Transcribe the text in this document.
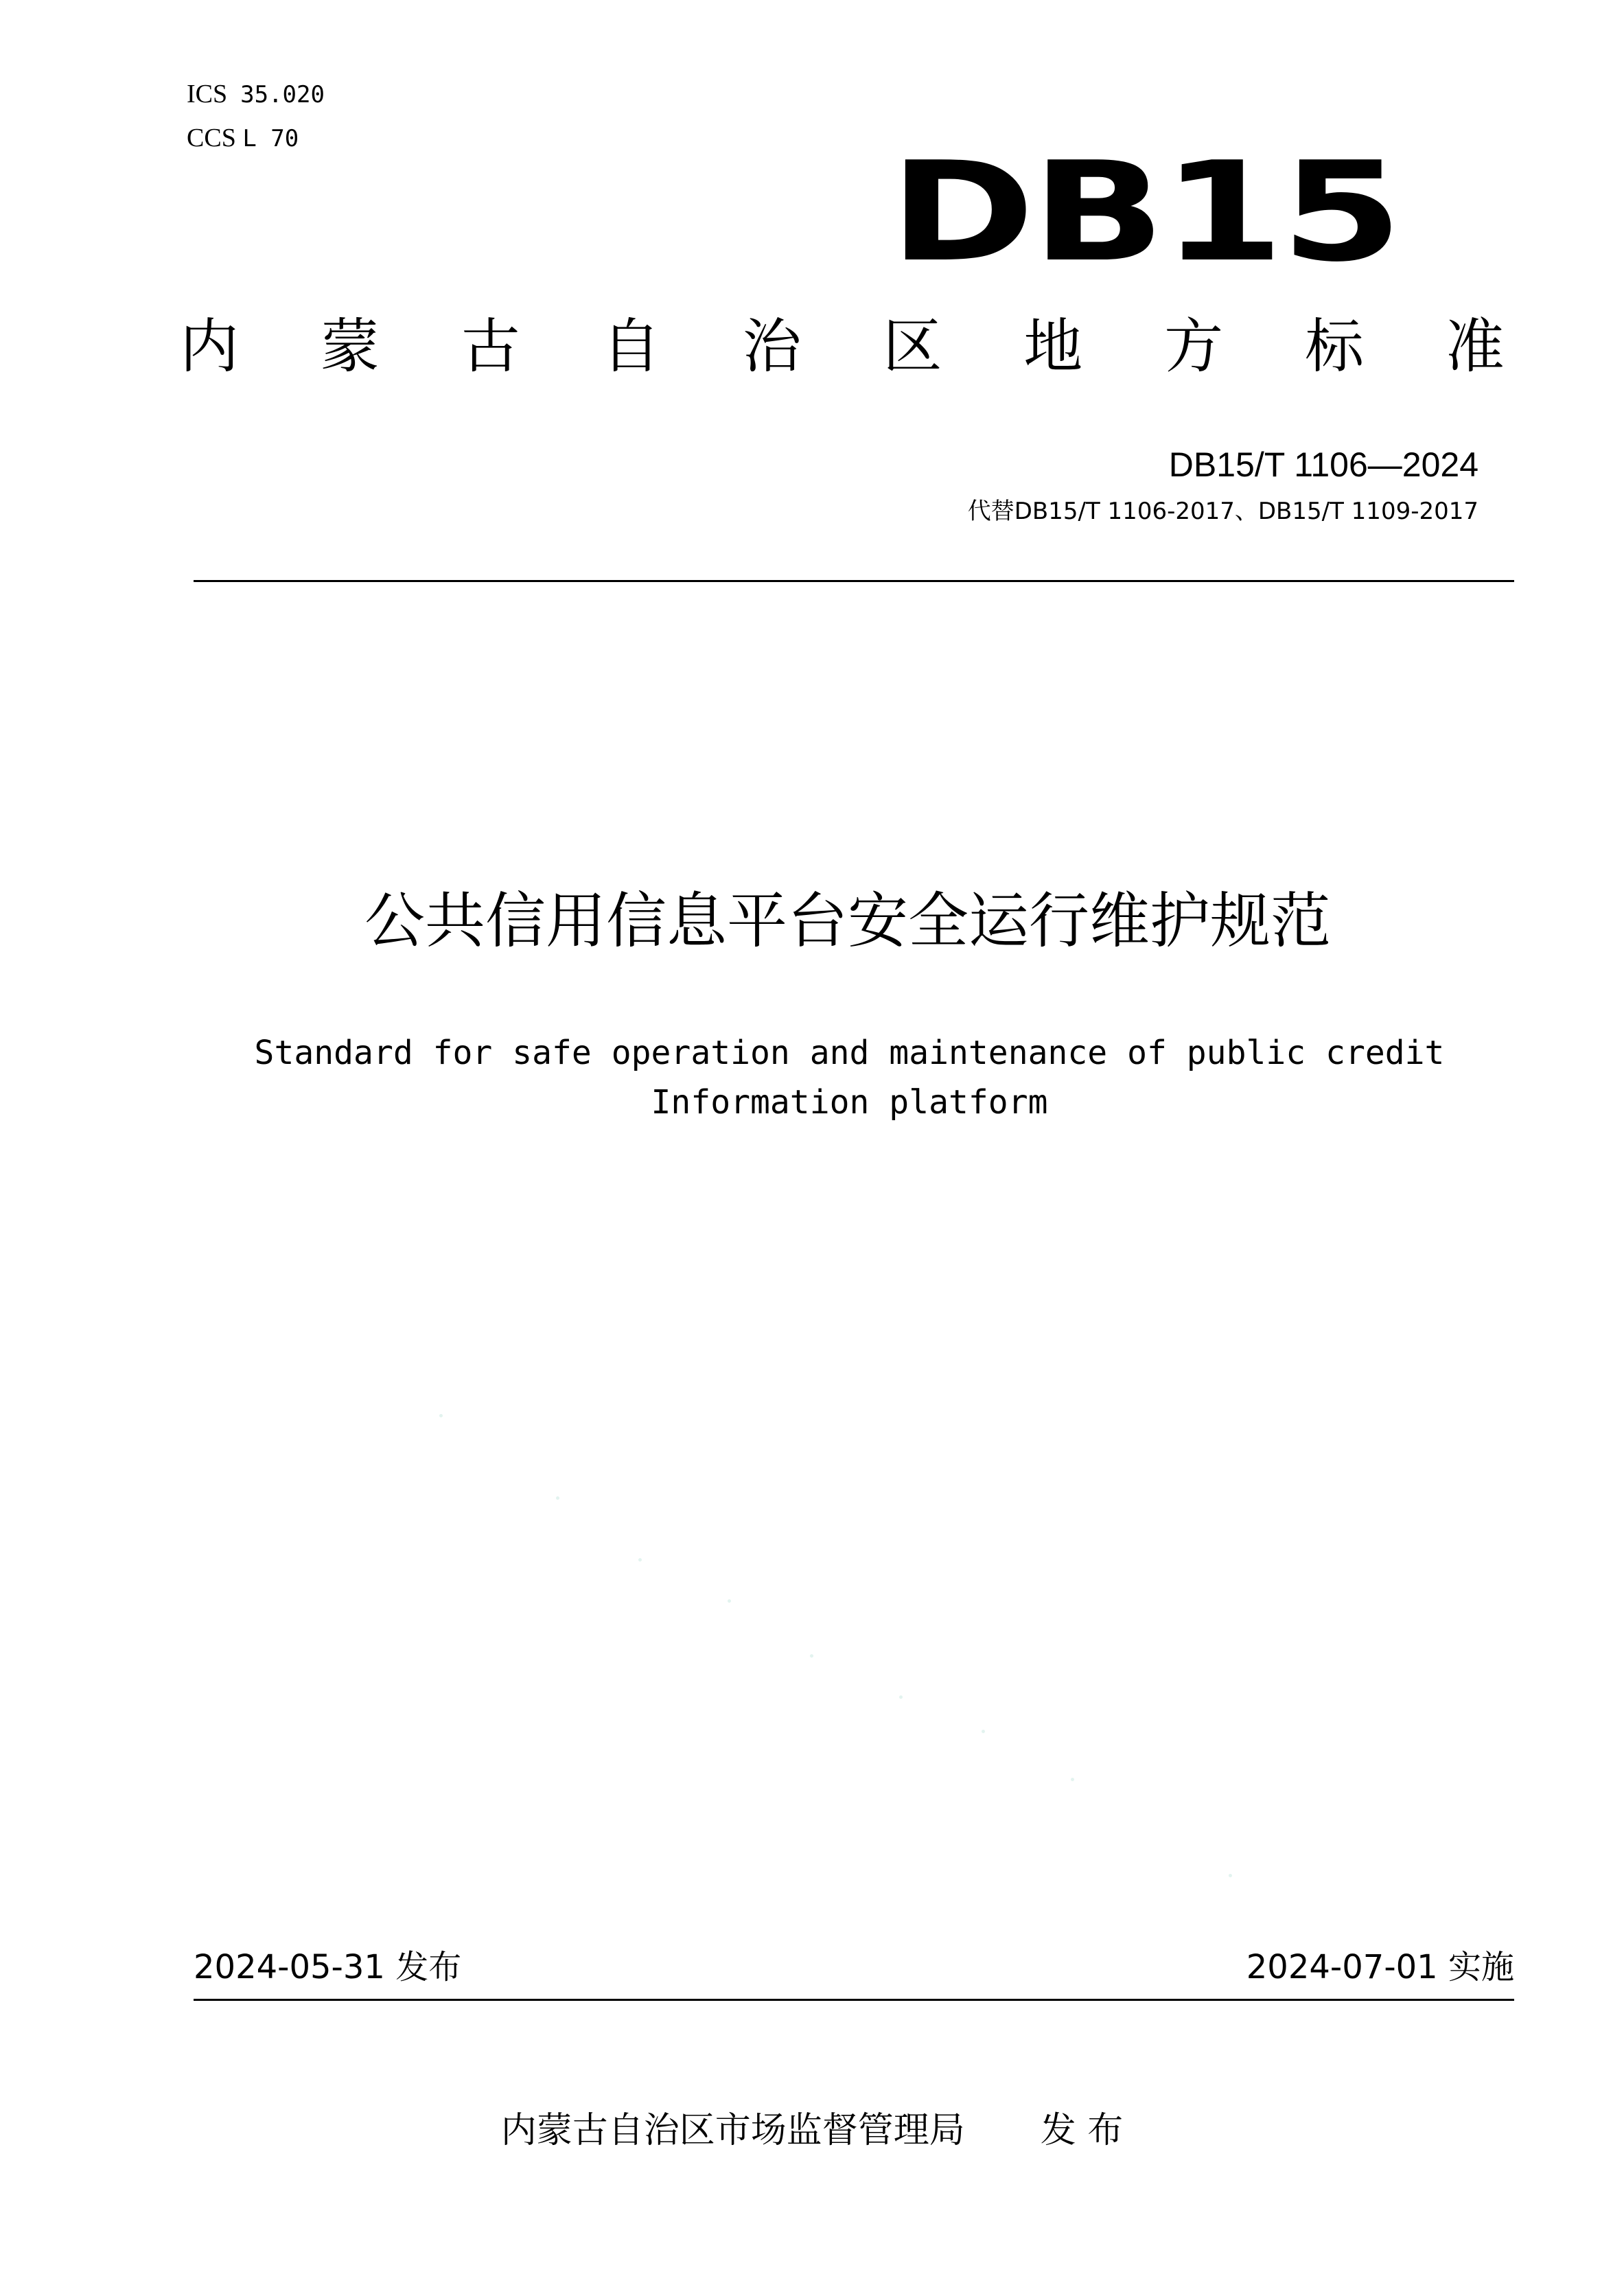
ICS 35.020
CCS L 70	DB15
内 蒙 古 自 治 区 地 方 标 准
DB15/T 1106—2024
代替DB15/T 1106-2017、DB15/T 1109-2017
公共信用信息平台安全运行维护规范
Standard for safe operation and maintenance of public credit
Information platform
2024-05-31 发布	2024-07-01 实施
内蒙古自治区市场监督管理局 发 布
